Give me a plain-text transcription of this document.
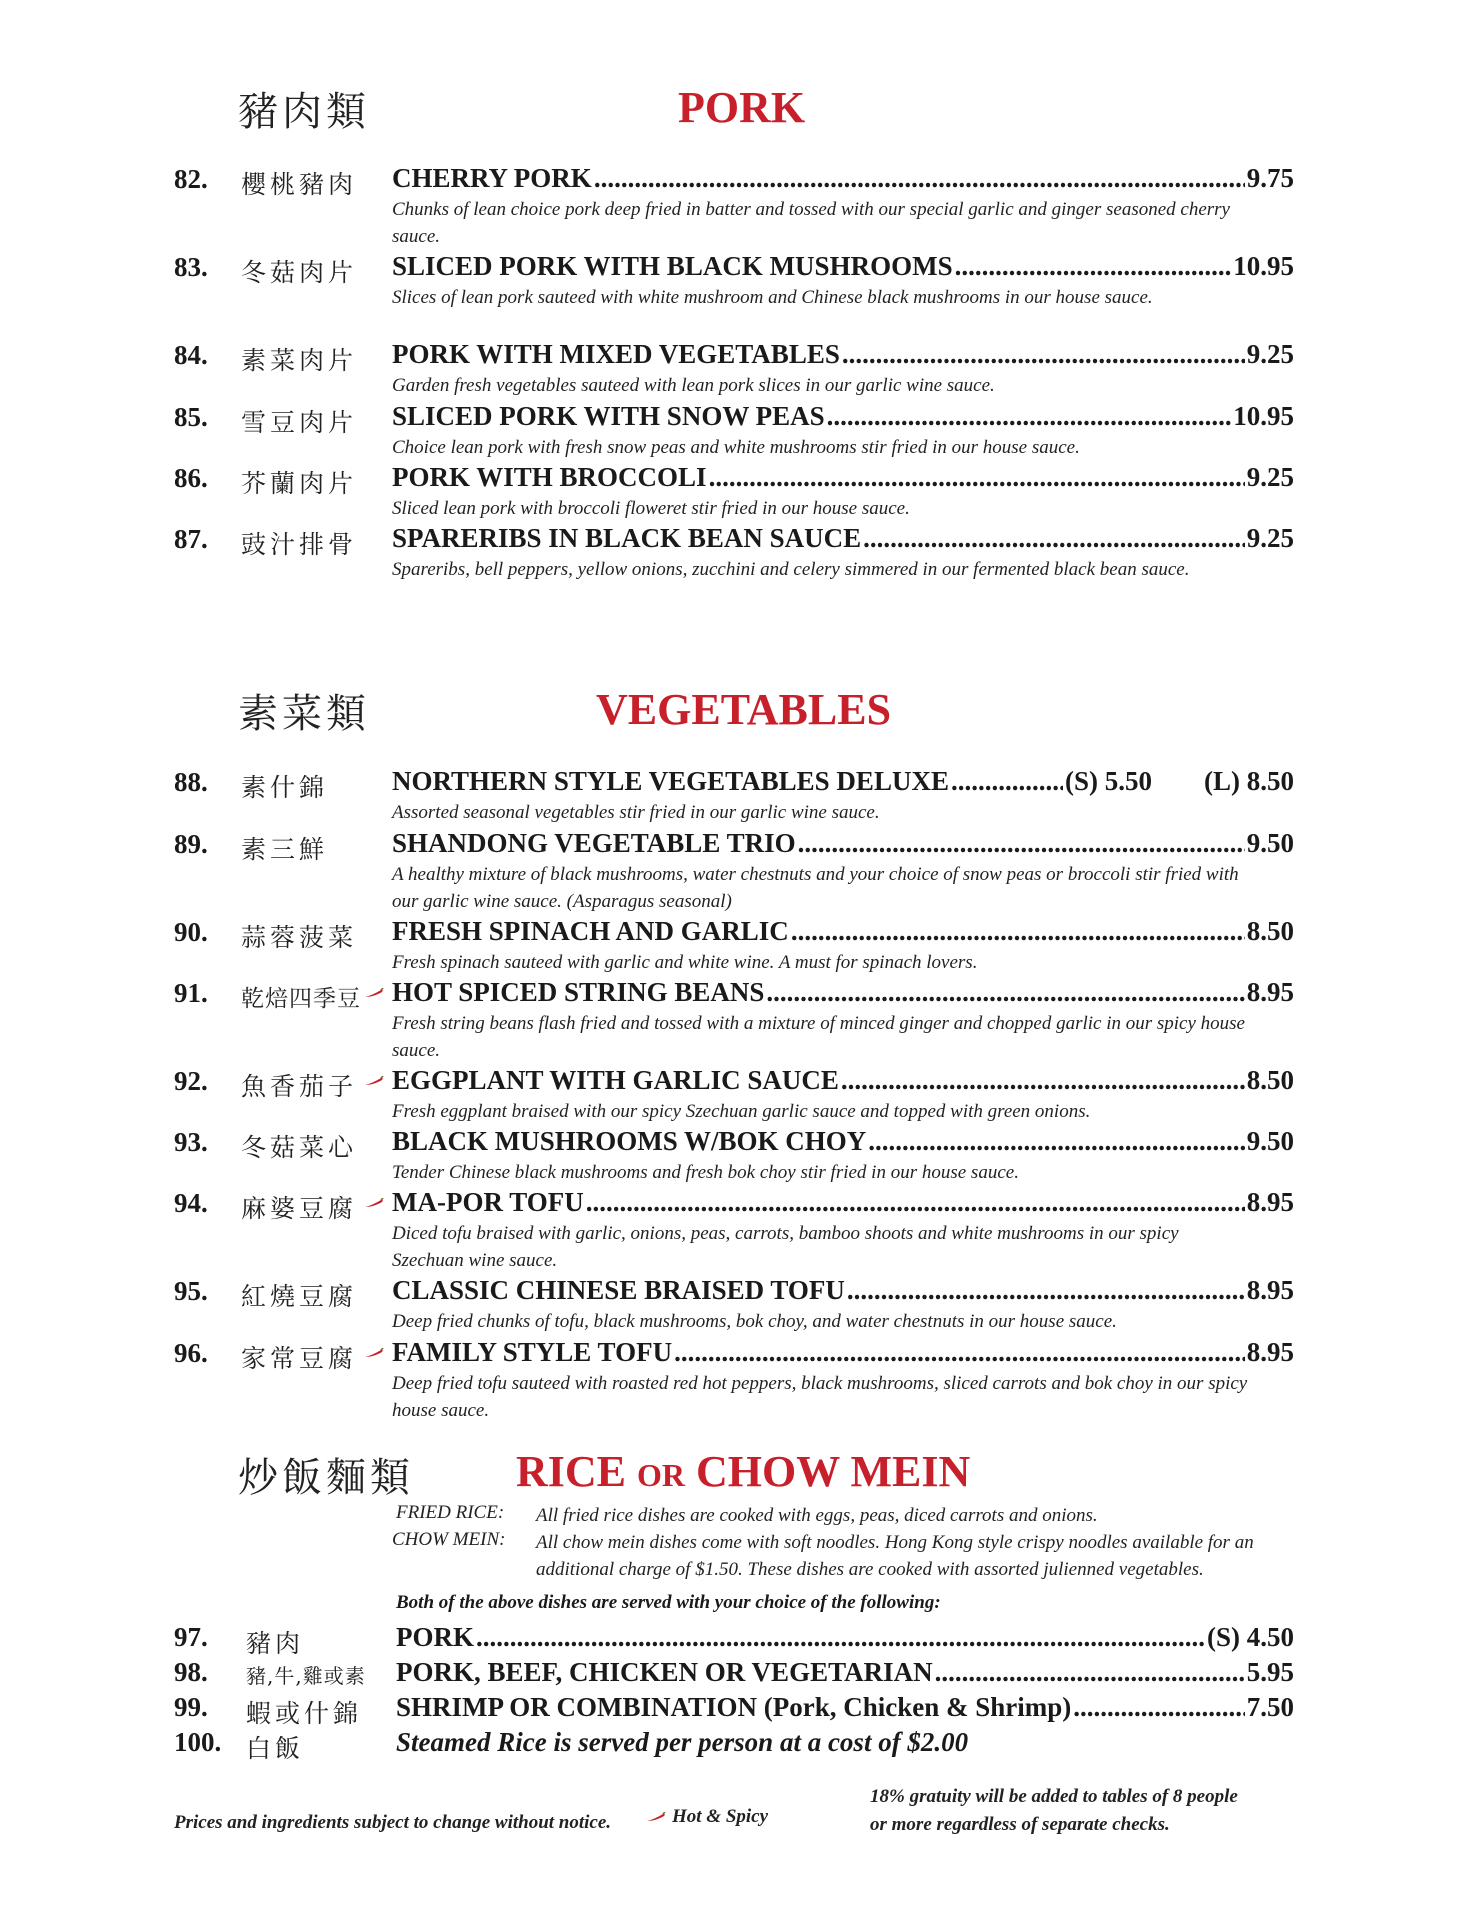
豬肉類	PORK
82. 櫻桃豬肉 CHERRY PORK .....	9.75
Chunks of lean choice pork deep fried in batter and tossed with our special garlic and ginger seasoned cherry sauce.
83. 冬菇肉片 SLICED PORK WITH BLACK MUSHROOMS .....	10.95
Slices of lean pork sauteed with white mushroom and Chinese black mushrooms in our house sauce.
84. 素菜肉片 PORK WITH MIXED VEGETABLES .....	9.25
Garden fresh vegetables sauteed with lean pork slices in our garlic wine sauce.
85. 雪豆肉片 SLICED PORK WITH SNOW PEAS .....	10.95
Choice lean pork with fresh snow peas and white mushrooms stir fried in our house sauce.
86. 芥蘭肉片 PORK WITH BROCCOLI .....	9.25
Sliced lean pork with broccoli floweret stir fried in our house sauce.
87. 豉汁排骨 SPARERIBS IN BLACK BEAN SAUCE .....	9.25
Spareribs, bell peppers, yellow onions, zucchini and celery simmered in our fermented black bean sauce.
素菜類	VEGETABLES
88. 素什錦 NORTHERN STYLE VEGETABLES DELUXE .....	(S) 5.50 (L) 8.50
Assorted seasonal vegetables stir fried in our garlic wine sauce.
89. 素三鮮 SHANDONG VEGETABLE TRIO .....	9.50
A healthy mixture of black mushrooms, water chestnuts and your choice of snow peas or broccoli stir fried with our garlic wine sauce. (Asparagus seasonal)
90. 蒜蓉菠菜 FRESH SPINACH AND GARLIC .....	8.50
Fresh spinach sauteed with garlic and white wine. A must for spinach lovers.
91. 乾焙四季豆 HOT SPICED STRING BEANS .....	8.95
Fresh string beans flash fried and tossed with a mixture of minced ginger and chopped garlic in our spicy house sauce.
92. 魚香茄子 EGGPLANT WITH GARLIC SAUCE .....	8.50
Fresh eggplant braised with our spicy Szechuan garlic sauce and topped with green onions.
93. 冬菇菜心 BLACK MUSHROOMS W/BOK CHOY .....	9.50
Tender Chinese black mushrooms and fresh bok choy stir fried in our house sauce.
94. 麻婆豆腐 MA-POR TOFU .....	8.95
Diced tofu braised with garlic, onions, peas, carrots, bamboo shoots and white mushrooms in our spicy Szechuan wine sauce.
95. 紅燒豆腐 CLASSIC CHINESE BRAISED TOFU .....	8.95
Deep fried chunks of tofu, black mushrooms, bok choy, and water chestnuts in our house sauce.
96. 家常豆腐 FAMILY STYLE TOFU .....	8.95
Deep fried tofu sauteed with roasted red hot peppers, black mushrooms, sliced carrots and bok choy in our spicy house sauce.
炒飯麵類 RICE OR CHOW MEIN
FRIED RICE: All fried rice dishes are cooked with eggs, peas, diced carrots and onions.
CHOW MEIN: All chow mein dishes come with soft noodles. Hong Kong style crispy noodles available for an additional charge of $1.50. These dishes are cooked with assorted julienned vegetables.
Both of the above dishes are served with your choice of the following:
97. 豬肉	PORK .....	(S) 4.50
98. 豬,牛,雞或素 PORK, BEEF, CHICKEN OR VEGETARIAN .....	5.95
99. 蝦或什錦 SHRIMP OR COMBINATION (Pork, Chicken & Shrimp) .....	7.50
100. 白飯	Steamed Rice is served per person at a cost of $2.00
Prices and ingredients subject to change without notice.	Hot & Spicy
18% gratuity will be added to tables of 8 people
or more regardless of separate checks.
